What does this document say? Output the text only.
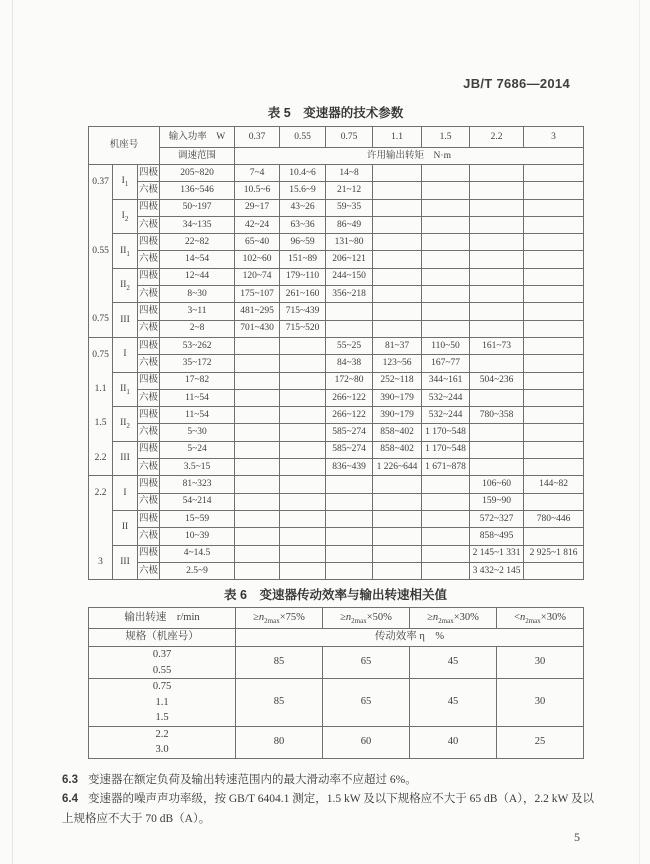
JB/T 7686—2014
表 5　变速器的技术参数
机座号			输入功率　W	0.37	0.55	0.75	1.1	1.5	2.2	3
			调速范围	许用输出转矩　N·m						
0.37	$I_1$	四极	205~820	7~4	10.4~6	14~8				
		六极	136~546	10.5~6	15.6~9	21~12				
	$I_2$	四极	50~197	29~17	43~26	59~35				
		六极	34~135	42~24	63~36	86~49				
0.55	$II_1$	四极	22~82	65~40	96~59	131~80				
		六极	14~54	102~60	151~89	206~121				
	$II_2$	四极	12~44	120~74	179~110	244~150				
		六极	8~30	175~107	261~160	356~218				
0.75	III	四极	3~11	481~295	715~439					
		六极	2~8	701~430	715~520					
0.75	I	四极	53~262			55~25	81~37	110~50	161~73	
		六极	35~172			84~38	123~56	167~77		
1.1	$II_1$	四极	17~82			172~80	252~118	344~161	504~236	
		六极	11~54			266~122	390~179	532~244		
1.5	$II_2$	四极	11~54			266~122	390~179	532~244	780~358	
		六极	5~30			585~274	858~402	1 170~548		
2.2	III	四极	5~24			585~274	858~402	1 170~548		
		六极	3.5~15			836~439	1 226~644	1 671~878		
2.2	I	四极	81~323						106~60	144~82
		六极	54~214						159~90	
	II	四极	15~59						572~327	780~446
		六极	10~39						858~495	
3	III	四极	4~14.5						2 145~1 331	2 925~1 816
		六极	2.5~9						3 432~2 145	
表 6　变速器传动效率与输出转速相关值
输出转速　r/min	$\ge n_{2max}\times 75\%$	$\ge n_{2max}\times 50\%$	$\ge n_{2max}\times 30\%$	$<n_{2max}\times 30\%$
规格（机座号）	传动效率 η　%			

0.37
0.55	85	65	45	30

0.75
1.1
1.5	85	65	45	30

2.2
3.0	80	60	40	25

6.3 变速器在额定负荷及输出转速范围内的最大滑动率不应超过 6%。

6.4 变速器的噪声声功率级，按 GB/T 6404.1 测定，1.5 kW 及以下规格应不大于 65 dB（A），2.2 kW 及以上规格应不大于 70 dB（A）。

5
